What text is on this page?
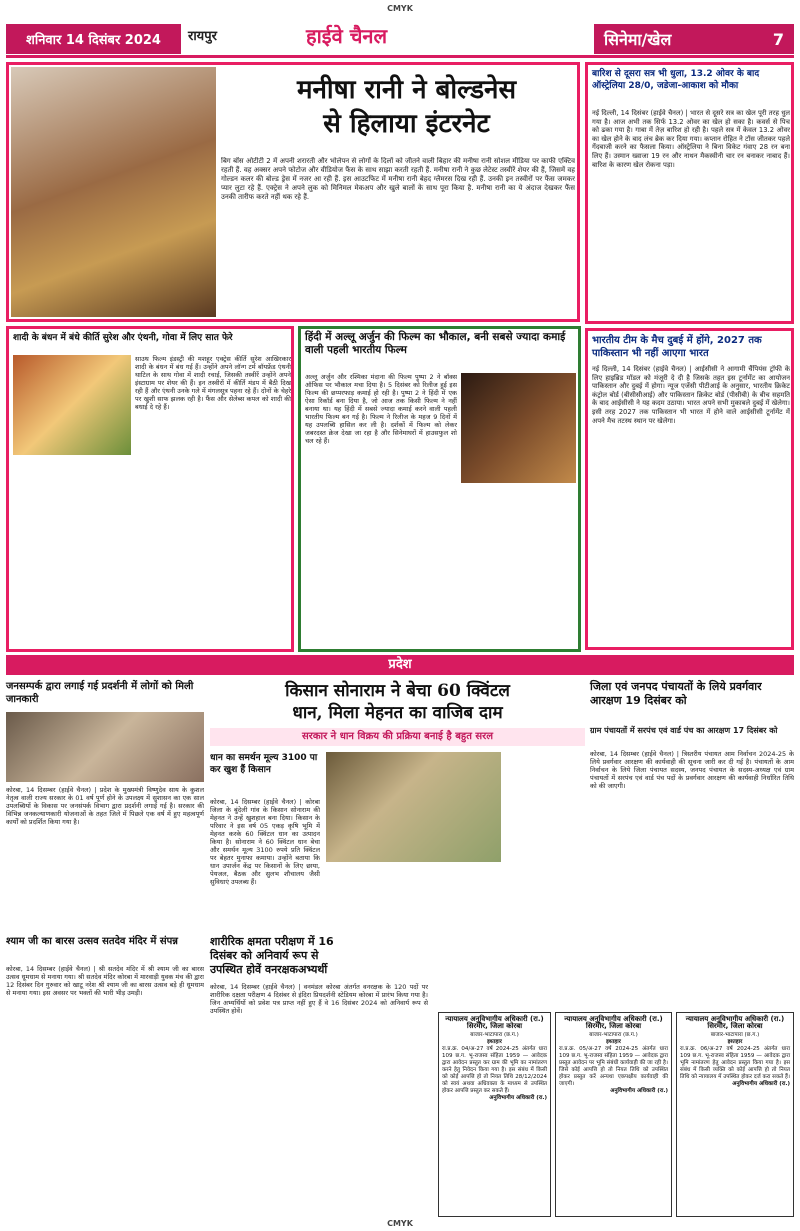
CMYK
शनिवार 14 दिसंबर 2024	रायपुर	हाईवे चैनल	सिनेमा/खेल	7
मनीषा रानी ने बोल्डनेस
से हिलाया इंटरनेट
बिग बॉस ओटीटी 2 में अपनी शरारती और भोलेपन से लोगों के दिलों को जीतने वाली बिहार की मनीषा रानी सोशल मीडिया पर काफी एक्टिव रहती हैं. वह अक्सर अपने फोटोज और वीडियोज फैंस के साथ साझा करती रहती हैं. मनीषा रानी ने कुछ लेटेस्ट तस्वीरें शेयर की हैं, जिसमें वह गोल्डन कलर की बोल्ड ड्रेस में नजर आ रही हैं. इस आउटफिट में मनीषा रानी बेहद ग्लैमरस दिख रही हैं. उनकी इन तस्वीरों पर फैंस जमकर प्यार लुटा रहे हैं. एक्ट्रेस ने अपने लुक को मिनिमल मेकअप और खुले बालों के साथ पूरा किया है. मनीषा रानी का ये अंदाज देखकर फैंस उनकी तारीफ करते नहीं थक रहे हैं.
बारिश से दूसरा सत्र भी धुला, 13.2 ओवर के बाद ऑस्ट्रेलिया 28/0, जडेजा-आकाश को मौका
नई दिल्ली, 14 दिसंबर (हाईवे चैनल) | भारत से दूसरे सत्र का खेल पूरी तरह धुल गया है। आज अभी तक सिर्फ 13.2 ओवर का खेल हो सका है। कवर्स से पिच को ढका गया है। गाबा में तेज़ बारिश हो रही है। पहले सत्र में केवल 13.2 ओवर का खेल होने के बाद लंच ब्रेक कर दिया गया। कप्तान रोहित ने टॉस जीतकर पहले गेंदबाजी करने का फैसला किया। ऑस्ट्रेलिया ने बिना विकेट गंवाए 28 रन बना लिए हैं। उस्मान ख्वाजा 19 रन और नाथन मैकस्वीनी चार रन बनाकर नाबाद हैं। बारिश के कारण खेल रोकना पड़ा।
भारतीय टीम के मैच दुबई में होंगे, 2027 तक पाकिस्तान भी नहीं आएगा भारत
नई दिल्ली, 14 दिसंबर (हाईवे चैनल) | आईसीसी ने आगामी चैंपियंस ट्रॉफी के लिए हाइब्रिड मॉडल को मंजूरी दे दी है जिसके तहत इस टूर्नामेंट का आयोजन पाकिस्तान और दुबई में होगा। न्यूज एजेंसी पीटीआई के अनुसार, भारतीय क्रिकेट कंट्रोल बोर्ड (बीसीसीआई) और पाकिस्तान क्रिकेट बोर्ड (पीसीबी) के बीच सहमति के बाद आईसीसी ने यह कदम उठाया। भारत अपने सभी मुकाबले दुबई में खेलेगा। इसी तरह 2027 तक पाकिस्तान भी भारत में होने वाले आईसीसी टूर्नामेंट में अपने मैच तटस्थ स्थान पर खेलेगा।
शादी के बंधन में बंधे कीर्ति सुरेश और एंथनी, गोवा में लिए सात फेरे
साउथ फिल्म इंडस्ट्री की मशहूर एक्ट्रेस कीर्ति सुरेश आखिरकार शादी के बंधन में बंध गई हैं। उन्होंने अपने लॉन्ग टर्म बॉयफ्रेंड एंथनी थाटिल के साथ गोवा में शादी रचाई, जिसकी तस्वीरें उन्होंने अपने इंस्टाग्राम पर शेयर की हैं। इन तस्वीरों में कीर्ति मंडप में बैठी दिख रही हैं और एंथनी उनके गले में मंगलसूत्र पहना रहे हैं। दोनों के चेहरे पर खुशी साफ झलक रही है। फैंस और सेलेब्स कपल को शादी की बधाई दे रहे हैं।
हिंदी में अल्लू अर्जुन की फिल्म का भौकाल, बनी सबसे ज्यादा कमाई वाली पहली भारतीय फिल्म
अल्लू अर्जुन और रश्मिका मंदाना की फिल्म पुष्पा 2 ने बॉक्स ऑफिस पर भौकाल मचा दिया है। 5 दिसंबर को रिलीज हुई इस फिल्म की छप्परफाड़ कमाई हो रही है। पुष्पा 2 ने हिंदी में एक ऐसा रिकॉर्ड बना दिया है, जो आज तक किसी फिल्म ने नहीं बनाया था। यह हिंदी में सबसे ज्यादा कमाई करने वाली पहली भारतीय फिल्म बन गई है। फिल्म ने रिलीज के महज 9 दिनों में यह उपलब्धि हासिल कर ली है। दर्शकों में फिल्म को लेकर जबरदस्त क्रेज देखा जा रहा है और सिनेमाघरों में हाउसफुल शो चल रहे हैं।
प्रदेश
जनसम्पर्क द्वारा लगाई गई प्रदर्शनी में लोगों को मिली जानकारी
कोरबा, 14 दिसम्बर (हाईवे चैनल) | प्रदेश के मुख्यमंत्री विष्णुदेव साय के कुशल नेतृत्व वाली राज्य सरकार के 01 वर्ष पूर्ण होने के उपलक्ष्य में सुशासन का एक साल उपलब्धियों के विकास पर जनसंपर्क विभाग द्वारा प्रदर्शनी लगाई गई है। सरकार की विभिन्न जनकल्याणकारी योजनाओं के तहत जिले में पिछले एक वर्ष में हुए महत्वपूर्ण कार्यों को प्रदर्शित किया गया है।
किसान सोनाराम ने बेचा 60 क्विंटल
धान, मिला मेहनत का वाजिब दाम
सरकार ने धान विक्रय की प्रक्रिया बनाई है बहुत सरल
धान का समर्थन मूल्य 3100 पा कर खुश हैं किसान
कोरबा, 14 दिसम्बर (हाईवे चैनल) | कोरबा जिला के बुंदेली गांव के किसान सोनाराम की मेहनत ने उन्हें खुशहाल बना दिया। किसान के परिवार ने इस वर्ष 05 एकड़ कृषि भूमि में मेहनत करके 60 क्विंटल धान का उत्पादन किया है। सोनाराम ने 60 क्विंटल धान बेचा और समर्थन मूल्य 3100 रुपये प्रति क्विंटल पर बेहतर मुनाफा कमाया। उन्होंने बताया कि धान उपार्जन केंद्र पर किसानों के लिए छाया, पेयजल, बैठक और सुलभ शौचालय जैसी सुविधाएं उपलब्ध हैं।
जिला एवं जनपद पंचायतों के लिये प्रवर्गवार आरक्षण 19 दिसंबर को
ग्राम पंचायतों में सरपंच एवं वार्ड पंच का आरक्षण 17 दिसंबर को
कोरबा, 14 दिसम्बर (हाईवे चैनल) | त्रिस्तरीय पंचायत आम निर्वाचन 2024-25 के लिये प्रवर्गवार आरक्षण की कार्यवाही की सूचना जारी कर दी गई है। पंचायतों के आम निर्वाचन के लिये जिला पंचायत सदस्य, जनपद पंचायत के सदस्य-अध्यक्ष एवं ग्राम पंचायतों में सरपंच एवं वार्ड पंच पदों के प्रवर्गवार आरक्षण की कार्यवाही निर्धारित तिथि को की जाएगी।
श्याम जी का बारस उत्सव सतदेव मंदिर में संपन्न
कोरबा, 14 दिसम्बर (हाईवे चैनल) | श्री सतदेव मंदिर में श्री श्याम जी का बारस उत्सव धूमधाम से मनाया गया। श्री सतदेव मंदिर कोरबा में मारवाड़ी युवक मंच की द्वारा 12 दिसंबर दिन गुरुवार को खाटू नरेश श्री श्याम जी का बारस उत्सव बड़े ही धूमधाम से मनाया गया। इस अवसर पर भक्तों की भारी भीड़ उमड़ी।
शारीरिक क्षमता परीक्षण में 16
दिसंबर को अनिवार्य रूप से
उपस्थित होवें वनरक्षकअभ्यर्थी
कोरबा, 14 दिसम्बर (हाईवे चैनल) | वनमंडल कोरबा अंतर्गत वनरक्षक के 120 पदों पर शारीरिक दक्षता परीक्षण 4 दिसंबर से इंदिरा प्रियदर्शनी स्टेडियम कोरबा में प्रारंभ किया गया है। जिन अभ्यर्थियों को प्रवेश पत्र प्राप्त नहीं हुए हैं वे 16 दिसंबर 2024 को अनिवार्य रूप से उपस्थित होवें।
न्यायालय अनुविभागीय अधिकारी (रा.) सिरमौर, जिला कोरबा
बाजार-भाटापारा (छ.ग.)
इश्तहार
रा.प्र.क्र. 04/अ-27 वर्ष 2024-25 अंतर्गत धारा 109 छ.ग. भू-राजस्व संहिता 1959 — आवेदक द्वारा आवेदन प्रस्तुत कर ग्राम की भूमि का नामांतरण करने हेतु निवेदन किया गया है। इस संबंध में किसी को कोई आपत्ति हो तो नियत तिथि 28/12/2024 को स्वयं अथवा अधिवक्ता के माध्यम से उपस्थित होकर आपत्ति प्रस्तुत कर सकते हैं।
अनुविभागीय अधिकारी (रा.)
न्यायालय अनुविभागीय अधिकारी (रा.) सिरमौर, जिला कोरबा
बाजार-भाटापारा (छ.ग.)
इश्तहार
रा.प्र.क्र. 05/अ-27 वर्ष 2024-25 अंतर्गत धारा 109 छ.ग. भू-राजस्व संहिता 1959 — आवेदक द्वारा प्रस्तुत आवेदन पर भूमि संबंधी कार्यवाही की जा रही है। जिसे कोई आपत्ति हो तो नियत तिथि को उपस्थित होकर प्रस्तुत करें अन्यथा एकपक्षीय कार्यवाही की जाएगी।
अनुविभागीय अधिकारी (रा.)
न्यायालय अनुविभागीय अधिकारी (रा.) सिरमौर, जिला कोरबा
बाजार-भाटापारा (छ.ग.)
इश्तहार
रा.प्र.क्र. 06/अ-27 वर्ष 2024-25 अंतर्गत धारा 109 छ.ग. भू-राजस्व संहिता 1959 — आवेदक द्वारा भूमि नामांतरण हेतु आवेदन प्रस्तुत किया गया है। इस संबंध में किसी व्यक्ति को कोई आपत्ति हो तो नियत तिथि को न्यायालय में उपस्थित होकर दर्ज करा सकते हैं।
अनुविभागीय अधिकारी (रा.)
CMYK
